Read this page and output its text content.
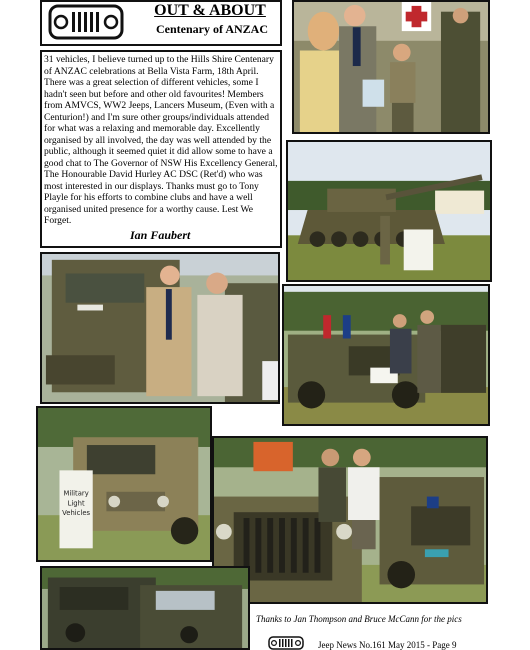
OUT & ABOUT
Centenary of ANZAC
31 vehicles, I believe turned up to the Hills Shire Centenary of ANZAC celebrations at Bella Vista Farm, 18th April. There was a great selection of different vehicles, some I hadn't seen but before and other old favourites! Members from AMVCS, WW2 Jeeps, Lancers Museum, (Even with a Centurion!) and I'm sure other groups/individuals attended for what was a relaxing and memorable day. Excellently organised by all involved, the day was well attended by the public, although it seemed quiet it did allow some to have a good chat to The Governor of NSW His Excellency General, The Honourable David Hurley AC DSC (Ret'd) who was most interested in our displays. Thanks must go to Tony Playle for his efforts to combine clubs and have a well organised united presence for a worthy cause. Lest We Forget.
Ian Faubert
Military
Light
Vehicles
Thanks to Jan Thompson and Bruce McCann for the pics
Jeep News No.161 May 2015 - Page 9
